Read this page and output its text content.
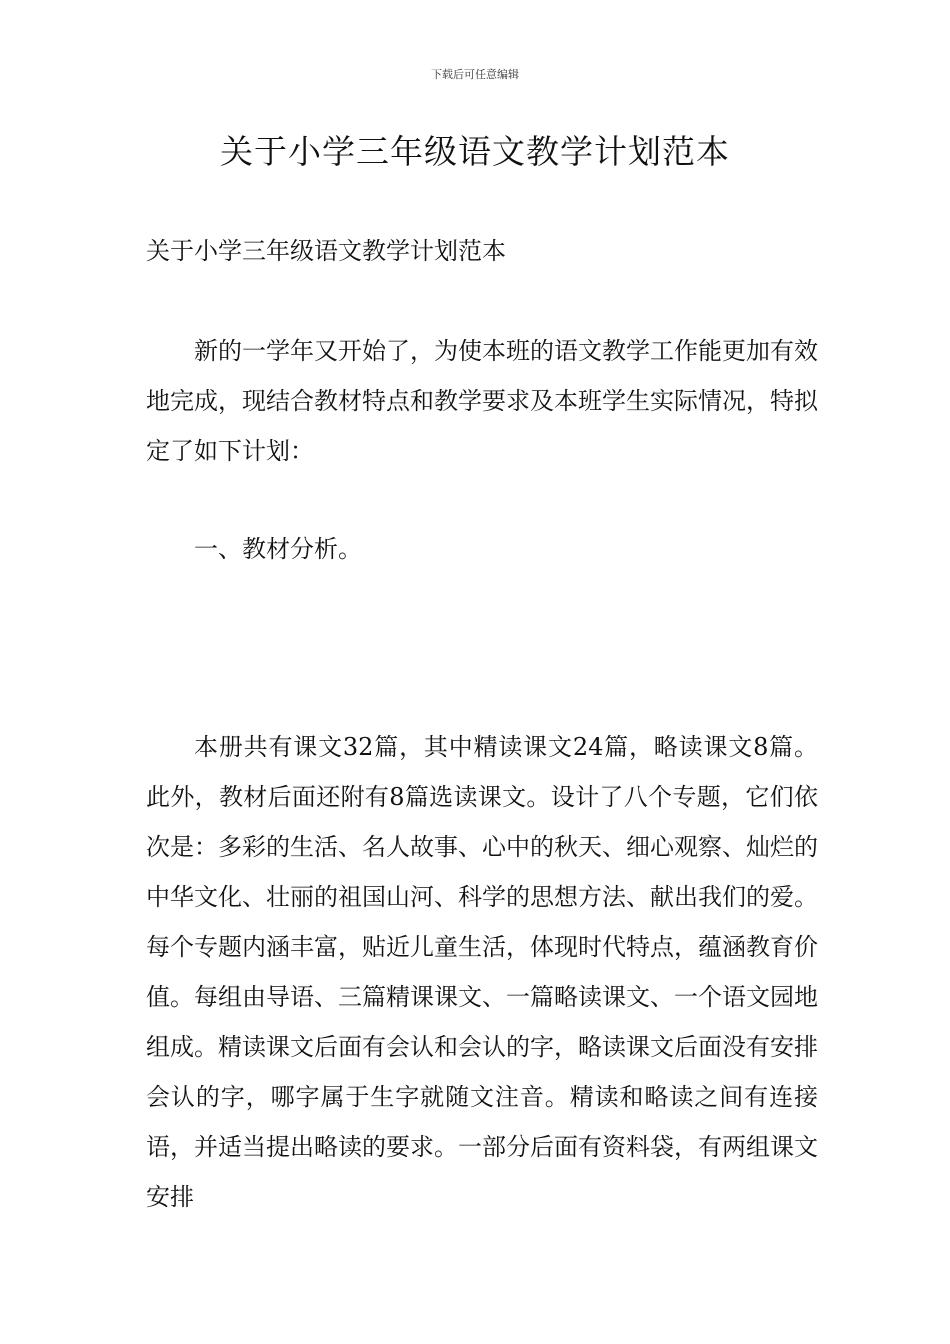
下载后可任意编辑
关于小学三年级语文教学计划范本

关于小学三年级语文教学计划范本

新的一学年又开始了，为使本班的语文教学工作能更加有效地完成，现结合教材特点和教学要求及本班学生实际情况，特拟定了如下计划：

一、教材分析。

本册共有课文32篇，其中精读课文24篇，略读课文8篇。此外，教材后面还附有8篇选读课文。设计了八个专题，它们依次是：多彩的生活、名人故事、心中的秋天、细心观察、灿烂的中华文化、壮丽的祖国山河、科学的思想方法、献出我们的爱。每个专题内涵丰富，贴近儿童生活，体现时代特点，蕴涵教育价值。每组由导语、三篇精课课文、一篇略读课文、一个语文园地组成。精读课文后面有会认和会认的字，略读课文后面没有安排会认的字，哪字属于生字就随文注音。精读和略读之间有连接语，并适当提出略读的要求。一部分后面有资料袋，有两组课文安排
